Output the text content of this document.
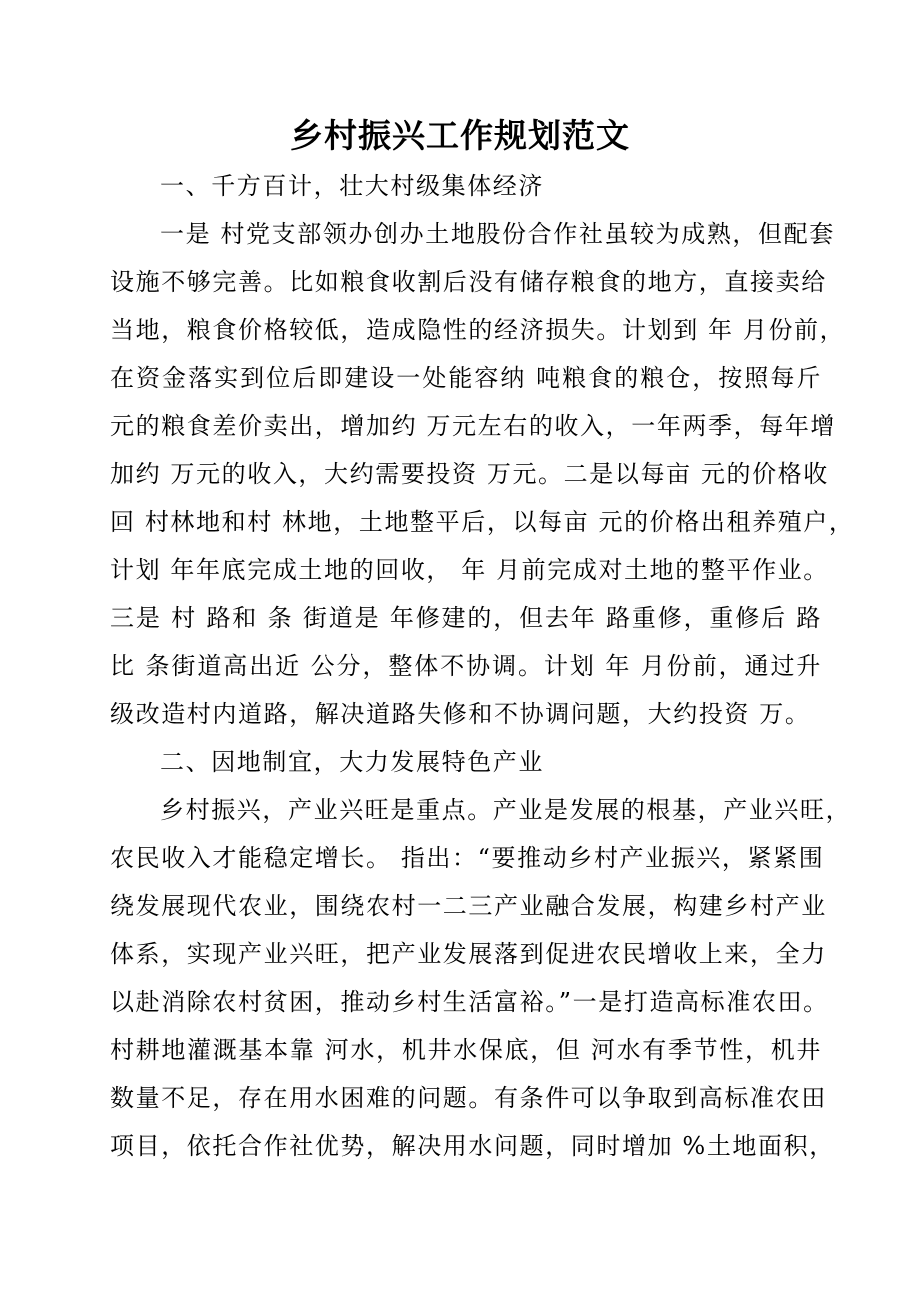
乡村振兴工作规划范文

一、千方百计，壮大村级集体经济

一是 村党支部领办创办土地股份合作社虽较为成熟，但配套

设施不够完善。比如粮食收割后没有储存粮食的地方，直接卖给

当地，粮食价格较低，造成隐性的经济损失。计划到 年 月份前，

在资金落实到位后即建设一处能容纳 吨粮食的粮仓，按照每斤

元的粮食差价卖出，增加约 万元左右的收入，一年两季，每年增

加约 万元的收入，大约需要投资 万元。二是以每亩 元的价格收

回 村林地和村 林地，土地整平后，以每亩 元的价格出租养殖户，

计划 年年底完成土地的回收， 年 月前完成对土地的整平作业。

三是 村 路和 条 街道是 年修建的，但去年 路重修，重修后 路

比 条街道高出近 公分，整体不协调。计划 年 月份前，通过升

级改造村内道路，解决道路失修和不协调问题，大约投资 万。

二、因地制宜，大力发展特色产业

乡村振兴，产业兴旺是重点。产业是发展的根基，产业兴旺，

农民收入才能稳定增长。 指出：“要推动乡村产业振兴，紧紧围

绕发展现代农业，围绕农村一二三产业融合发展，构建乡村产业

体系，实现产业兴旺，把产业发展落到促进农民增收上来，全力

以赴消除农村贫困，推动乡村生活富裕。”一是打造高标准农田。

村耕地灌溉基本靠 河水，机井水保底，但 河水有季节性，机井

数量不足，存在用水困难的问题。有条件可以争取到高标准农田

项目，依托合作社优势，解决用水问题，同时增加 %土地面积，
